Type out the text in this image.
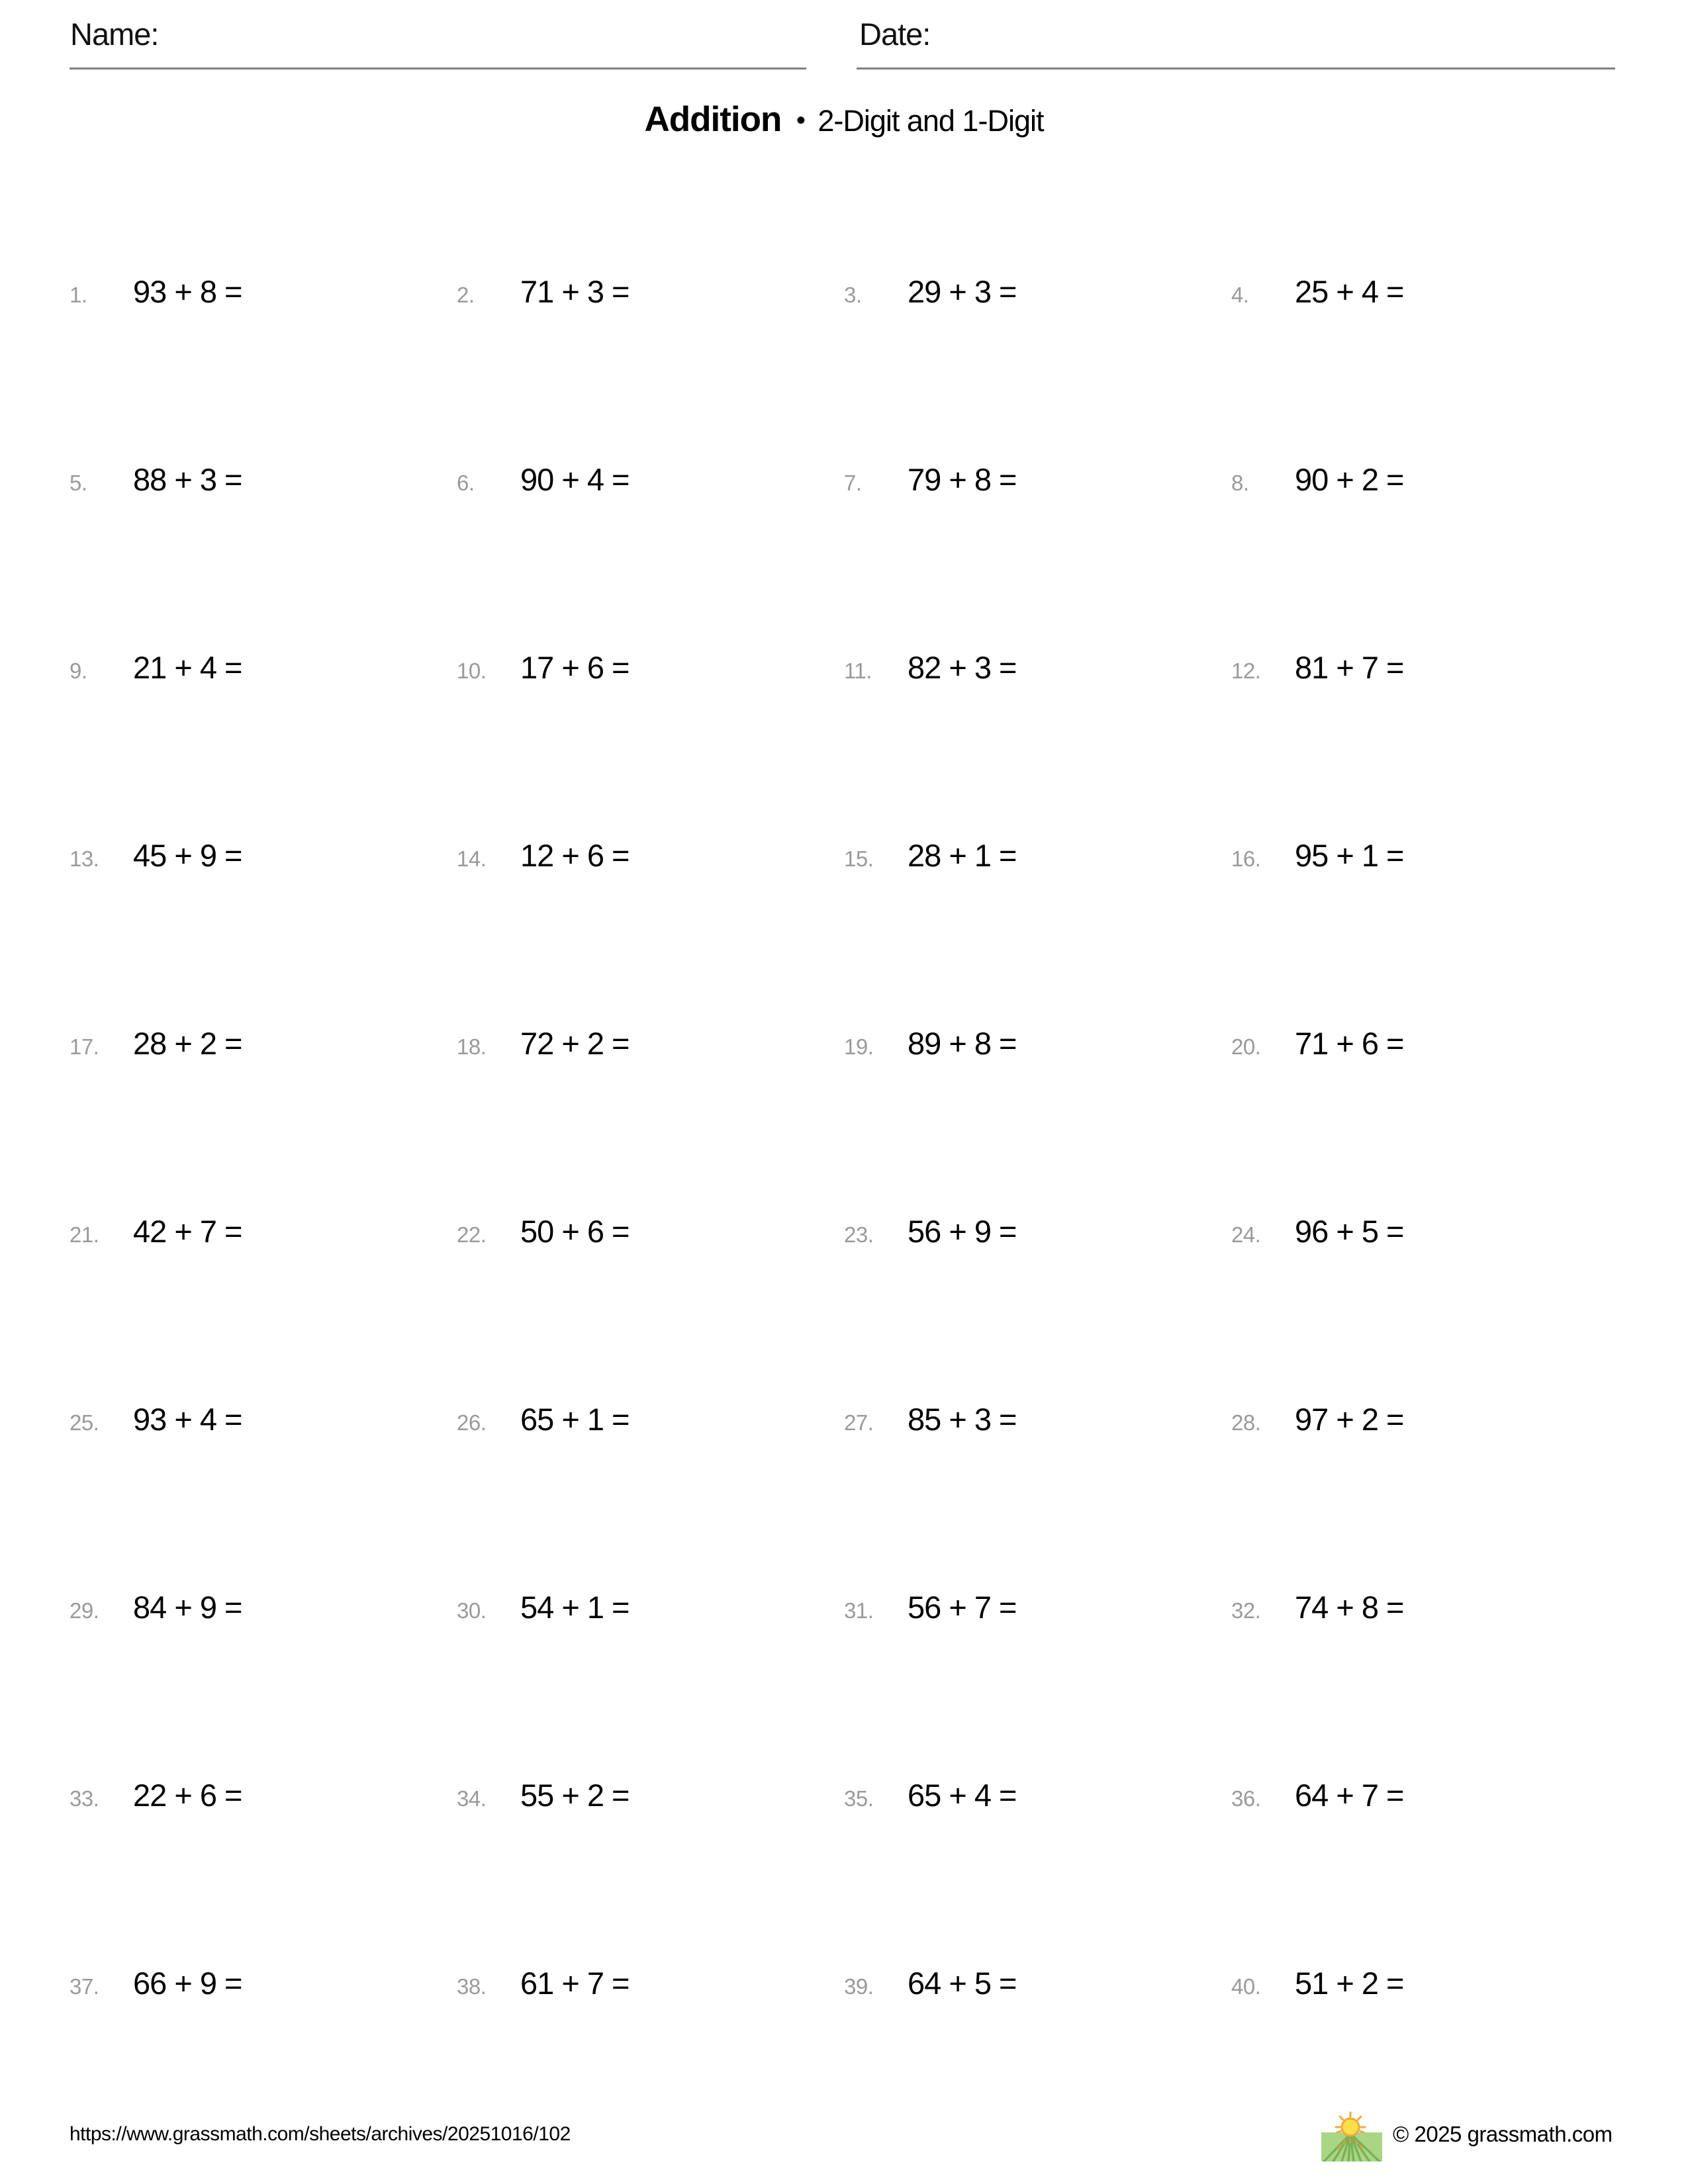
Name:	Date:
Addition • 2-Digit and 1-Digit
1.	93 + 8 =	2.	71 + 3 =	3.	29 + 3 =	4.	25 + 4 =
5.	88 + 3 =	6.	90 + 4 =	7.	79 + 8 =	8.	90 + 2 =
9.	21 + 4 =	10.	17 + 6 =	11.	82 + 3 =	12.	81 + 7 =
13.	45 + 9 =	14.	12 + 6 =	15.	28 + 1 =	16.	95 + 1 =
17.	28 + 2 =	18.	72 + 2 =	19.	89 + 8 =	20.	71 + 6 =
21.	42 + 7 =	22.	50 + 6 =	23.	56 + 9 =	24.	96 + 5 =
25.	93 + 4 =	26.	65 + 1 =	27.	85 + 3 =	28.	97 + 2 =
29.	84 + 9 =	30.	54 + 1 =	31.	56 + 7 =	32.	74 + 8 =
33.	22 + 6 =	34.	55 + 2 =	35.	65 + 4 =	36.	64 + 7 =
37.	66 + 9 =	38.	61 + 7 =	39.	64 + 5 =	40.	51 + 2 =
https://www.grassmath.com/sheets/archives/20251016/102	© 2025 grassmath.com
